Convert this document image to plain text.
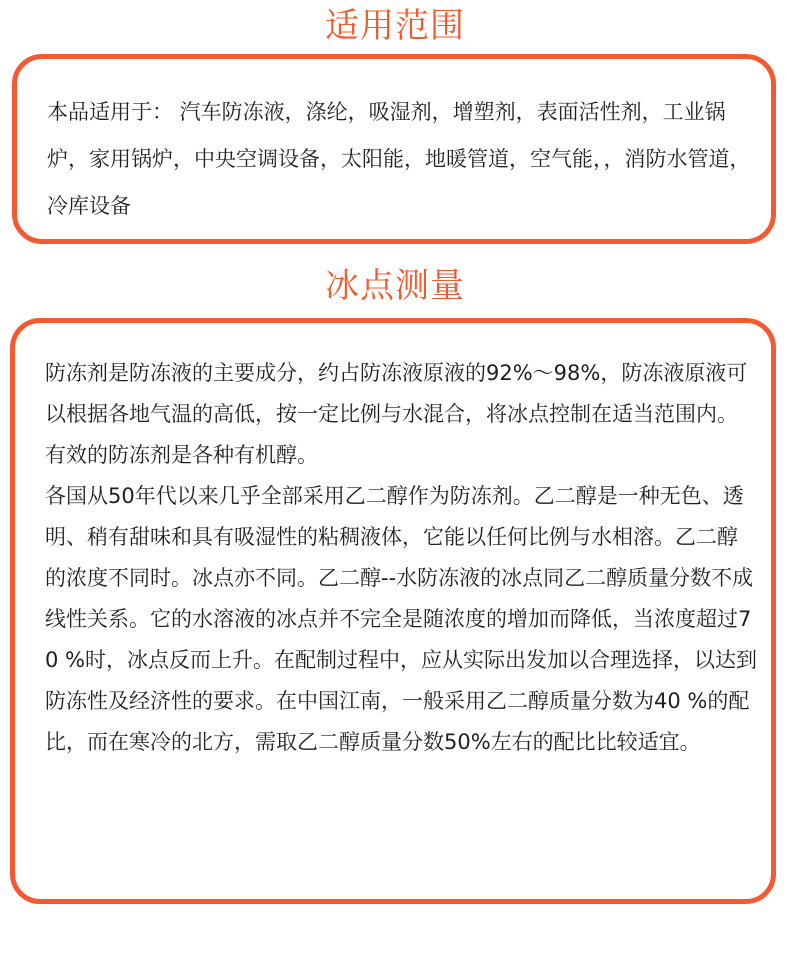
适用范围

本品适用于： 汽车防冻液，涤纶，吸湿剂，增塑剂，表面活性剂，工业锅炉，家用锅炉，中央空调设备，太阳能，地暖管道，空气能，，消防水管道，冷库设备

冰点测量

防冻剂是防冻液的主要成分，约占防冻液原液的92%～98%，防冻液原液可以根据各地气温的高低，按一定比例与水混合，将冰点控制在适当范围内。有效的防冻剂是各种有机醇。
各国从50年代以来几乎全部采用乙二醇作为防冻剂。乙二醇是一种无色、透明、稍有甜味和具有吸湿性的粘稠液体，它能以任何比例与水相溶。乙二醇的浓度不同时。冰点亦不同。乙二醇--水防冻液的冰点同乙二醇质量分数不成线性关系。它的水溶液的冰点并不完全是随浓度的增加而降低，当浓度超过70 %时，冰点反而上升。在配制过程中，应从实际出发加以合理选择，以达到防冻性及经济性的要求。在中国江南，一般采用乙二醇质量分数为40 %的配比，而在寒冷的北方，需取乙二醇质量分数50%左右的配比比较适宜。
